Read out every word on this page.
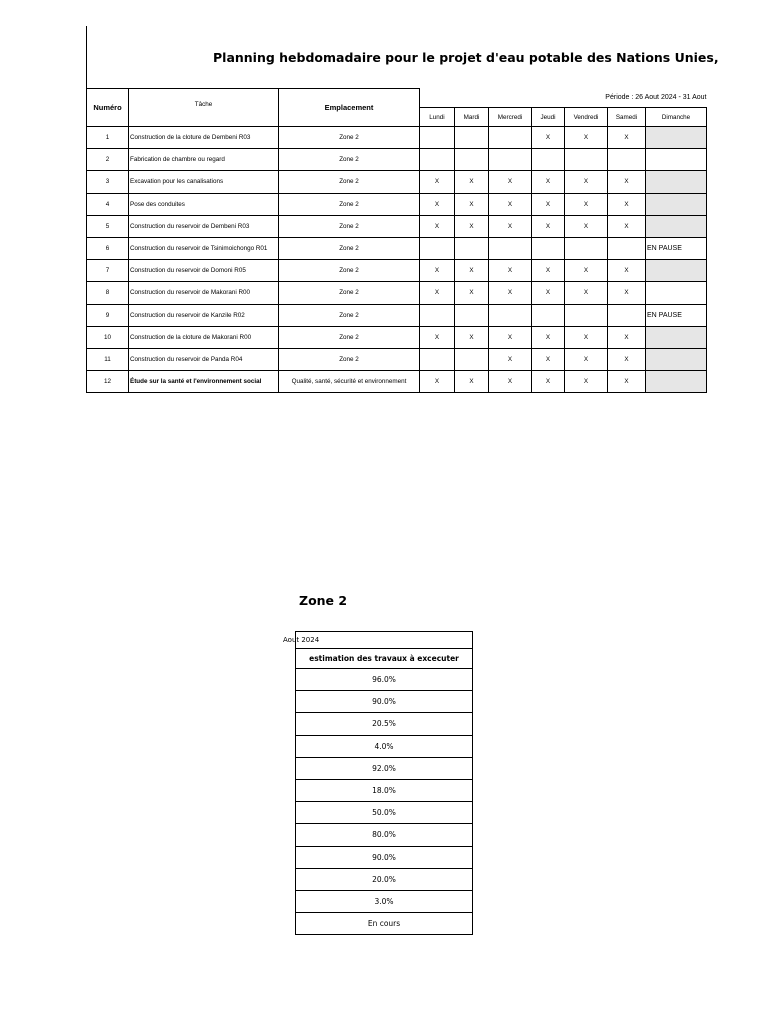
Planning hebdomadaire pour le projet d'eau potable des Nations Unies,
Numéro	Tâche	Emplacement	Période : 26 Aout 2024 - 31 Aout						
			Lundi	Mardi	Mercredi	Jeudi	Vendredi	Samedi	Dimanche
1	Construction de la cloture de Dembeni R03	Zone 2				X	X	X	
2	Fabrication de chambre ou regard	Zone 2							
3	Excavation pour les canalisations	Zone 2	X	X	X	X	X	X	
4	Pose des conduites	Zone 2	X	X	X	X	X	X	
5	Construction du reservoir de Dembeni R03	Zone 2	X	X	X	X	X	X	
6	Construction du reservoir de Tsinimoichongo R01	Zone 2							EN PAUSE
7	Construction du reservoir de Domoni R05	Zone 2	X	X	X	X	X	X	
8	Construction du reservoir de Makorani R00	Zone 2	X	X	X	X	X	X	
9	Construction du reservoir de Kanzile R02	Zone 2							EN PAUSE
10	Construction de la cloture de Makorani R00	Zone 2	X	X	X	X	X	X	
11	Construction du reservoir de Panda R04	Zone 2			X	X	X	X	
12	Étude sur la santé et l'environnement social	Qualité, santé, sécurité et environnement	X	X	X	X	X	X	
Zone 2
Aout 2024
estimation des travaux à excecuter
96.0%
90.0%
20.5%
4.0%
92.0%
18.0%
50.0%
80.0%
90.0%
20.0%
3.0%
En cours
